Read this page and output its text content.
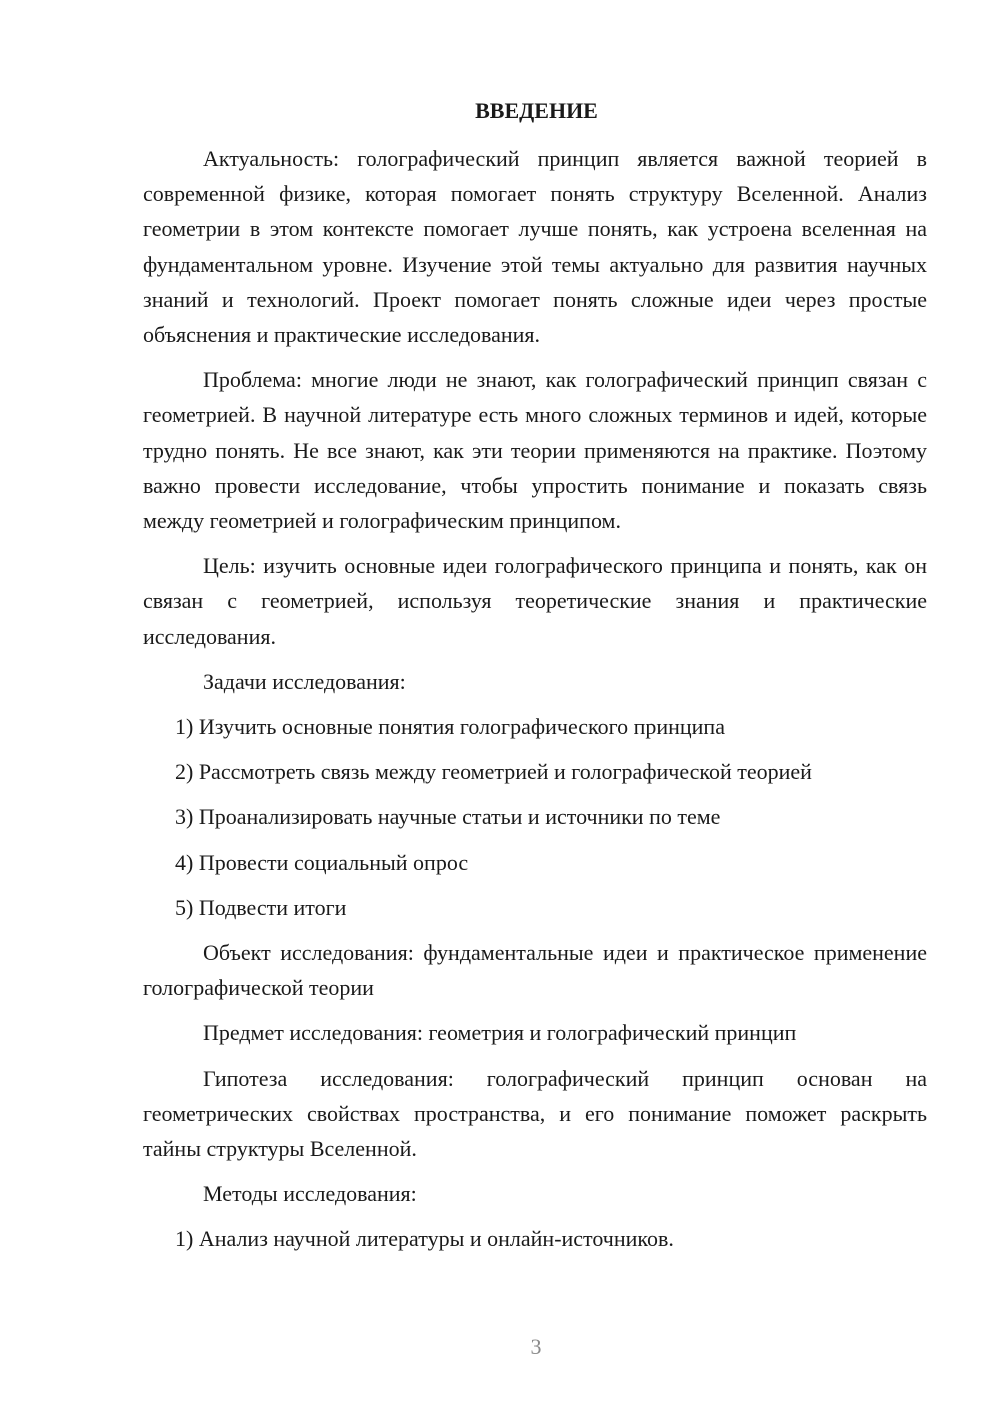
ВВЕДЕНИЕ

Актуальность: голографический принцип является важной теорией в современной физике, которая помогает понять структуру Вселенной. Анализ геометрии в этом контексте помогает лучше понять, как устроена вселенная на фундаментальном уровне. Изучение этой темы актуально для развития научных знаний и технологий. Проект помогает понять сложные идеи через простые объяснения и практические исследования.

Проблема: многие люди не знают, как голографический принцип связан с геометрией. В научной литературе есть много сложных терминов и идей, которые трудно понять. Не все знают, как эти теории применяются на практике. Поэтому важно провести исследование, чтобы упростить понимание и показать связь между геометрией и голографическим принципом.

Цель: изучить основные идеи голографического принципа и понять, как он связан с геометрией, используя теоретические знания и практические исследования.

Задачи исследования:

1) Изучить основные понятия голографического принципа

2) Рассмотреть связь между геометрией и голографической теорией

3) Проанализировать научные статьи и источники по теме

4) Провести социальный опрос

5) Подвести итоги

Объект исследования: фундаментальные идеи и практическое применение голографической теории

Предмет исследования: геометрия и голографический принцип

Гипотеза исследования: голографический принцип основан на геометрических свойствах пространства, и его понимание поможет раскрыть тайны структуры Вселенной.

Методы исследования:

1) Анализ научной литературы и онлайн-источников.

3
